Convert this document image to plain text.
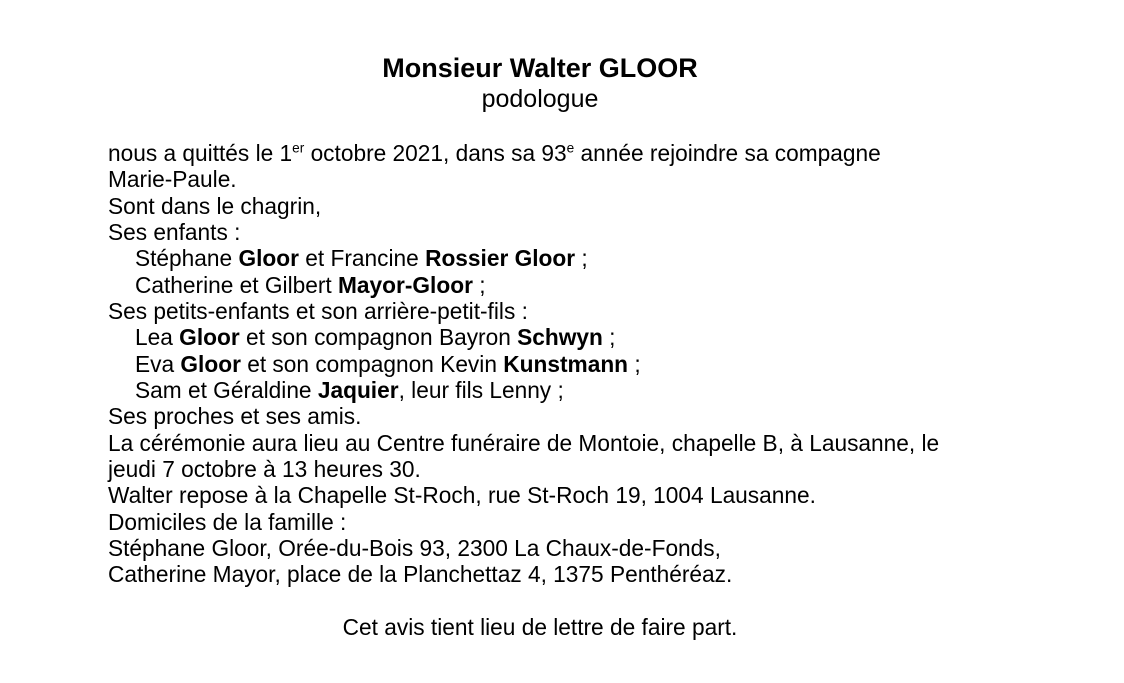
Monsieur Walter GLOOR
podologue
nous a quittés le 1er octobre 2021, dans sa 93e année rejoindre sa compagne
Marie-Paule.
Sont dans le chagrin,
Ses enfants :
Stéphane Gloor et Francine Rossier Gloor ;
Catherine et Gilbert Mayor-Gloor ;
Ses petits-enfants et son arrière-petit-fils :
Lea Gloor et son compagnon Bayron Schwyn ;
Eva Gloor et son compagnon Kevin Kunstmann ;
Sam et Géraldine Jaquier, leur fils Lenny ;
Ses proches et ses amis.
La cérémonie aura lieu au Centre funéraire de Montoie, chapelle B, à Lausanne, le
jeudi 7 octobre à 13 heures 30.
Walter repose à la Chapelle St-Roch, rue St-Roch 19, 1004 Lausanne.
Domiciles de la famille :
Stéphane Gloor, Orée-du-Bois 93, 2300 La Chaux-de-Fonds,
Catherine Mayor, place de la Planchettaz 4, 1375 Penthéréaz.
Cet avis tient lieu de lettre de faire part.
